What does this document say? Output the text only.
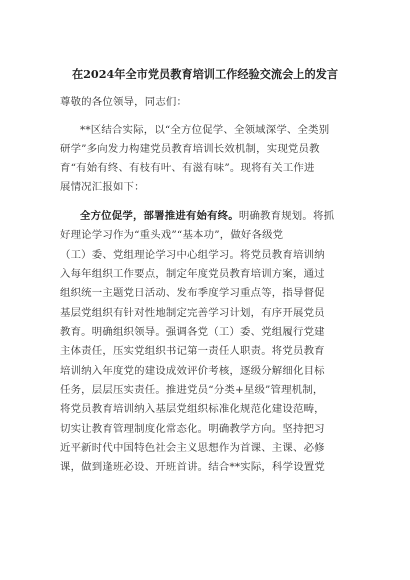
在2024年全市党员教育培训工作经验交流会上的发言
尊敬的各位领导，同志们：
**区结合实际，以“全方位促学、全领域深学、全类别
研学”多向发力构建党员教育培训长效机制，实现党员教
育“有始有终、有枝有叶、有滋有味”。现将有关工作进
展情况汇报如下：
全方位促学，部署推进有始有终。明确教育规划。将抓
好理论学习作为“重头戏”“基本功”，做好各级党
（工）委、党组理论学习中心组学习。将党员教育培训纳
入每年组织工作要点，制定年度党员教育培训方案，通过
组织统一主题党日活动、发布季度学习重点等，指导督促
基层党组织有针对性地制定完善学习计划，有序开展党员
教育。明确组织领导。强调各党（工）委、党组履行党建
主体责任，压实党组织书记第一责任人职责。将党员教育
培训纳入年度党的建设成效评价考核，逐级分解细化目标
任务，层层压实责任。推进党员“分类+星级”管理机制，
将党员教育培训纳入基层党组织标准化规范化建设范畴，
切实让教育管理制度化常态化。明确教学方向。坚持把习
近平新时代中国特色社会主义思想作为首课、主课、必修
课，做到逢班必设、开班首讲。结合**实际，科学设置党
